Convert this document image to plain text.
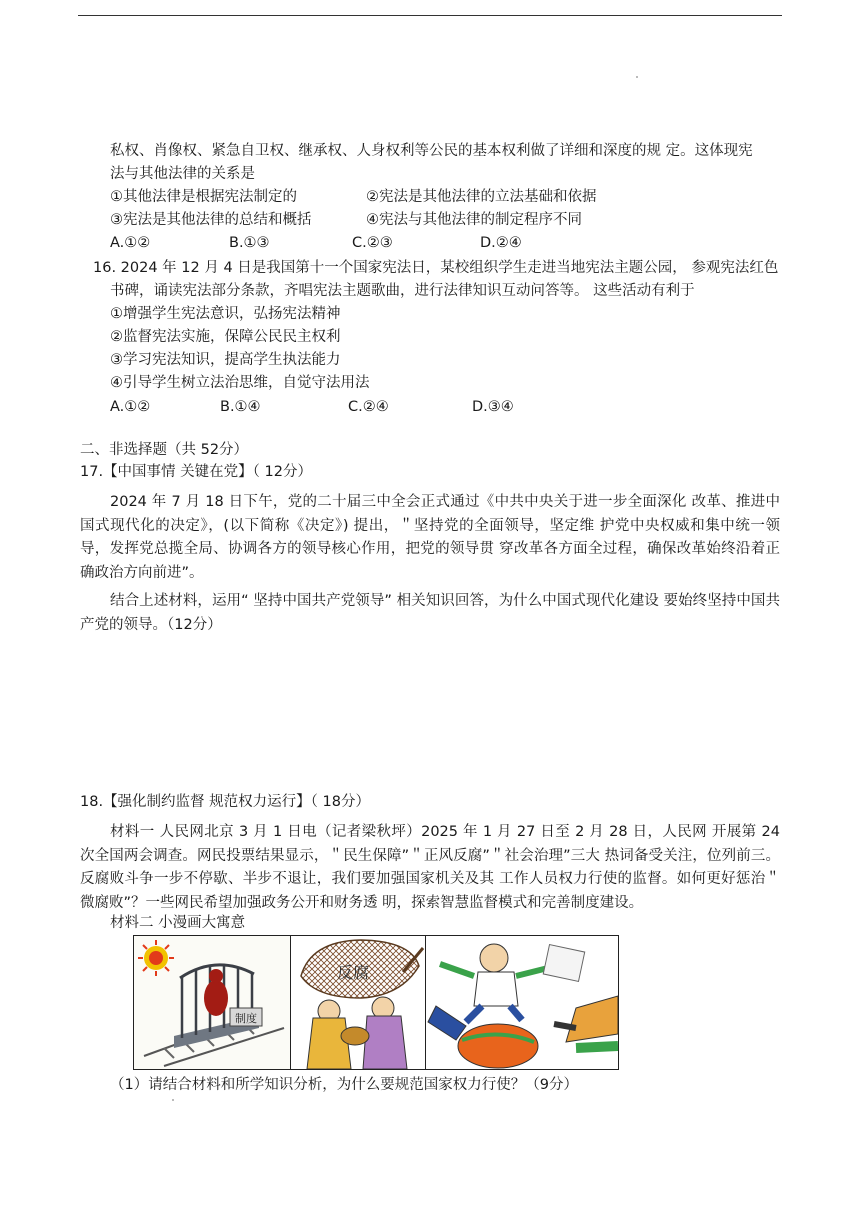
私权、肖像权、紧急自卫权、继承权、人身权利等公民的基本权利做了详细和深度的规 定。这体现宪
法与其他法律的关系是
①其他法律是根据宪法制定的	②宪法是其他法律的立法基础和依据
③宪法是其他法律的总结和概括	④宪法与其他法律的制定程序不同
A.①②	B.①③	C.②③	D.②④
16. 2024 年 12 月 4 日是我国第十一个国家宪法日，某校组织学生走进当地宪法主题公园， 参观宪法红色
书碑，诵读宪法部分条款，齐唱宪法主题歌曲，进行法律知识互动问答等。 这些活动有利于
①增强学生宪法意识，弘扬宪法精神
②监督宪法实施，保障公民民主权利
③学习宪法知识，提高学生执法能力
④引导学生树立法治思维，自觉守法用法
A.①②	B.①④	C.②④	D.③④
二、非选择题（共 52分）
17.【中国事情 关键在党】（ 12分）
2024 年 7 月 18 日下午，党的二十届三中全会正式通过《中共中央关于进一步全面深化 改革、推进中国式现代化的决定》，(以下简称《决定》) 提出，＂坚持党的全面领导，坚定维 护党中央权威和集中统一领导，发挥党总揽全局、协调各方的领导核心作用，把党的领导贯 穿改革各方面全过程，确保改革始终沿着正确政治方向前进”。
结合上述材料，运用“ 坚持中国共产党领导” 相关知识回答，为什么中国式现代化建设 要始终坚持中国共产党的领导。（12分）
18.【强化制约监督 规范权力运行】（ 18分）
材料一 人民网北京 3 月 1 日电（记者梁秋坪）2025 年 1 月 27 日至 2 月 28 日，人民网 开展第 24 次全国两会调查。网民投票结果显示，＂民生保障”＂正风反腐”＂社会治理”三大 热词备受关注，位列前三。反腐败斗争一步不停歇、半步不退让，我们要加强国家机关及其 工作人员权力行使的监督。如何更好惩治＂微腐败”？一些网民希望加强政务公开和财务透 明，探索智慧监督模式和完善制度建设。
材料二 小漫画大寓意
制度
反腐
（1）请结合材料和所学知识分析，为什么要规范国家权力行使？（9分）
